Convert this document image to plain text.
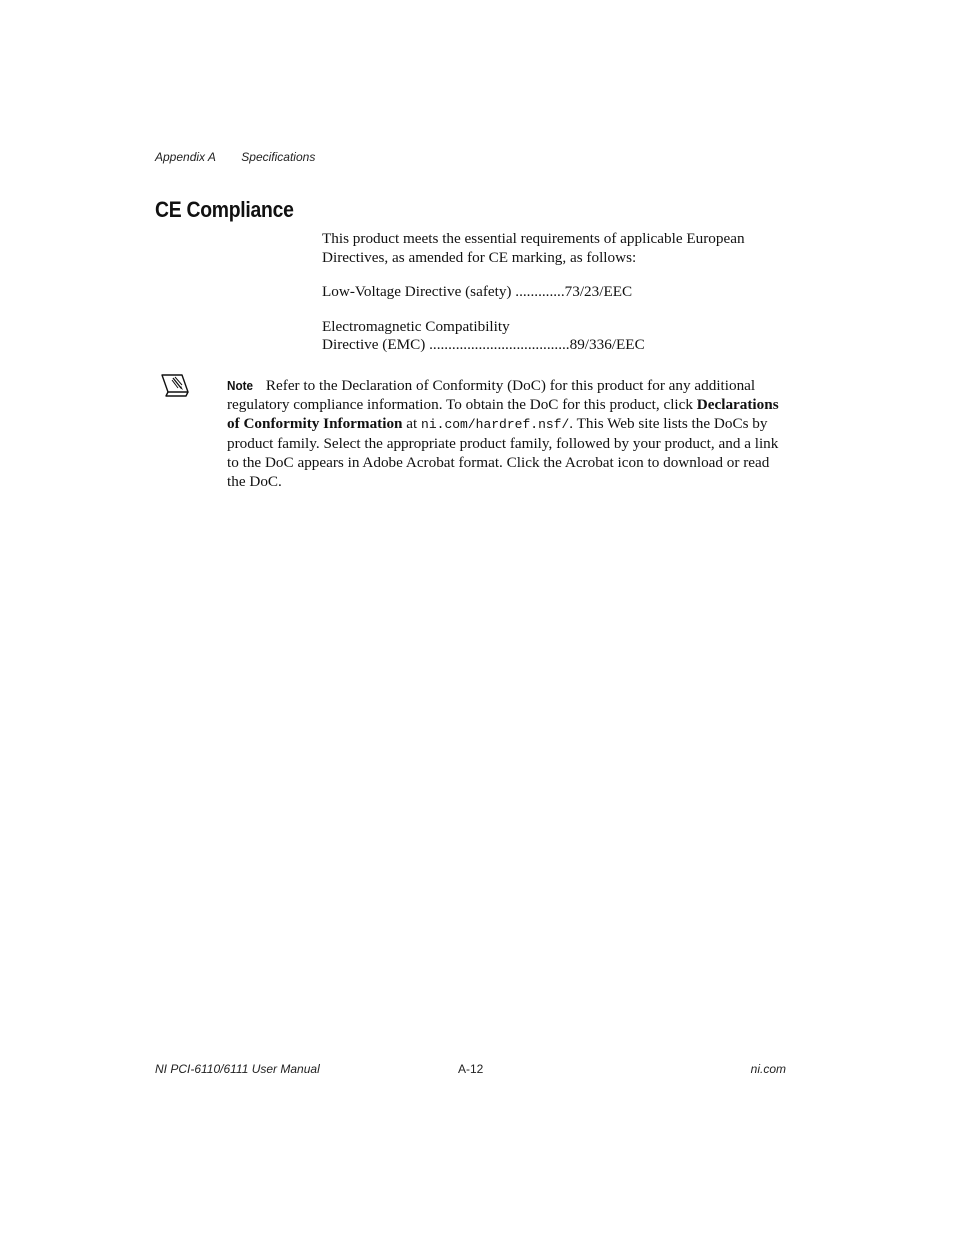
Appendix A Specifications
CE Compliance

This product meets the essential requirements of applicable European Directives, as amended for CE marking, as follows:

Low-Voltage Directive (safety) .............73/23/EEC

Electromagnetic Compatibility

Directive (EMC) .....................................89/336/EEC

Note Refer to the Declaration of Conformity (DoC) for this product for any additional regulatory compliance information. To obtain the DoC for this product, click Declarations of Conformity Information at ni.com/hardref.nsf/. This Web site lists the DoCs by product family. Select the appropriate product family, followed by your product, and a link to the DoC appears in Adobe Acrobat format. Click the Acrobat icon to download or read the DoC.

NI PCI-6110/6111 User Manual	A-12	ni.com
